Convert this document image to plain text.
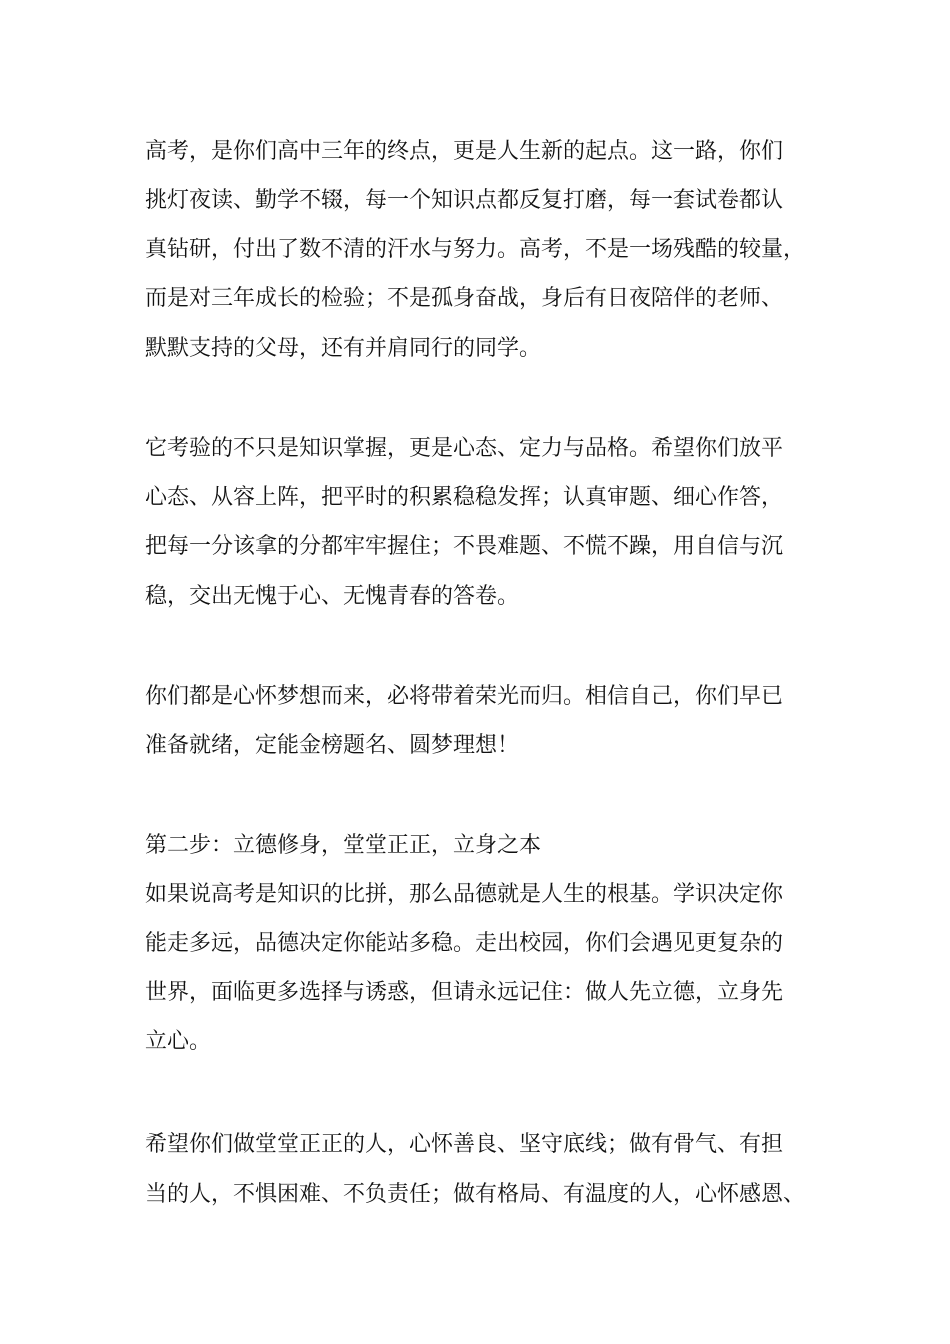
高考，是你们高中三年的终点，更是人生新的起点。这一路，你们
挑灯夜读、勤学不辍，每一个知识点都反复打磨，每一套试卷都认
真钻研，付出了数不清的汗水与努力。高考，不是一场残酷的较量，
而是对三年成长的检验；不是孤身奋战，身后有日夜陪伴的老师、
默默支持的父母，还有并肩同行的同学。
它考验的不只是知识掌握，更是心态、定力与品格。希望你们放平
心态、从容上阵，把平时的积累稳稳发挥；认真审题、细心作答，
把每一分该拿的分都牢牢握住；不畏难题、不慌不躁，用自信与沉
稳，交出无愧于心、无愧青春的答卷。
你们都是心怀梦想而来，必将带着荣光而归。相信自己，你们早已
准备就绪，定能金榜题名、圆梦理想！
第二步：立德修身，堂堂正正，立身之本
如果说高考是知识的比拼，那么品德就是人生的根基。学识决定你
能走多远，品德决定你能站多稳。走出校园，你们会遇见更复杂的
世界，面临更多选择与诱惑，但请永远记住：做人先立德，立身先
立心。
希望你们做堂堂正正的人，心怀善良、坚守底线；做有骨气、有担
当的人，不惧困难、不负责任；做有格局、有温度的人，心怀感恩、
